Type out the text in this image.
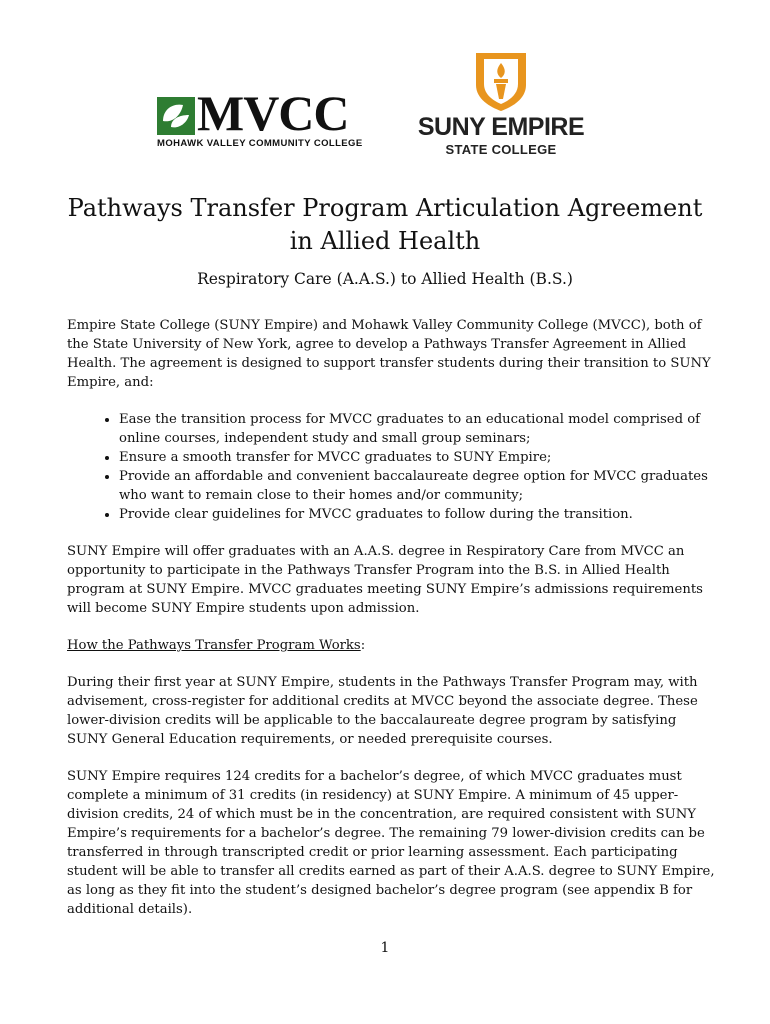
MVCC
MOHAWK VALLEY COMMUNITY COLLEGE
SUNY EMPIRE
STATE COLLEGE
Pathways Transfer Program Articulation Agreement
in Allied Health
Respiratory Care (A.A.S.) to Allied Health (B.S.)

Empire State College (SUNY Empire) and Mohawk Valley Community College (MVCC), both of the State University of New York, agree to develop a Pathways Transfer Agreement in Allied Health. The agreement is designed to support transfer students during their transition to SUNY Empire, and:

• Ease the transition process for MVCC graduates to an educational model comprised of online courses, independent study and small group seminars;
• Ensure a smooth transfer for MVCC graduates to SUNY Empire;
• Provide an affordable and convenient baccalaureate degree option for MVCC graduates who want to remain close to their homes and/or community;
• Provide clear guidelines for MVCC graduates to follow during the transition.

SUNY Empire will offer graduates with an A.A.S. degree in Respiratory Care from MVCC an opportunity to participate in the Pathways Transfer Program into the B.S. in Allied Health program at SUNY Empire. MVCC graduates meeting SUNY Empire’s admissions requirements will become SUNY Empire students upon admission.

How the Pathways Transfer Program Works:

During their first year at SUNY Empire, students in the Pathways Transfer Program may, with advisement, cross-register for additional credits at MVCC beyond the associate degree. These lower-division credits will be applicable to the baccalaureate degree program by satisfying SUNY General Education requirements, or needed prerequisite courses.

SUNY Empire requires 124 credits for a bachelor’s degree, of which MVCC graduates must complete a minimum of 31 credits (in residency) at SUNY Empire. A minimum of 45 upper-division credits, 24 of which must be in the concentration, are required consistent with SUNY Empire’s requirements for a bachelor’s degree. The remaining 79 lower-division credits can be transferred in through transcripted credit or prior learning assessment. Each participating student will be able to transfer all credits earned as part of their A.A.S. degree to SUNY Empire, as long as they fit into the student’s designed bachelor’s degree program (see appendix B for additional details).

1
